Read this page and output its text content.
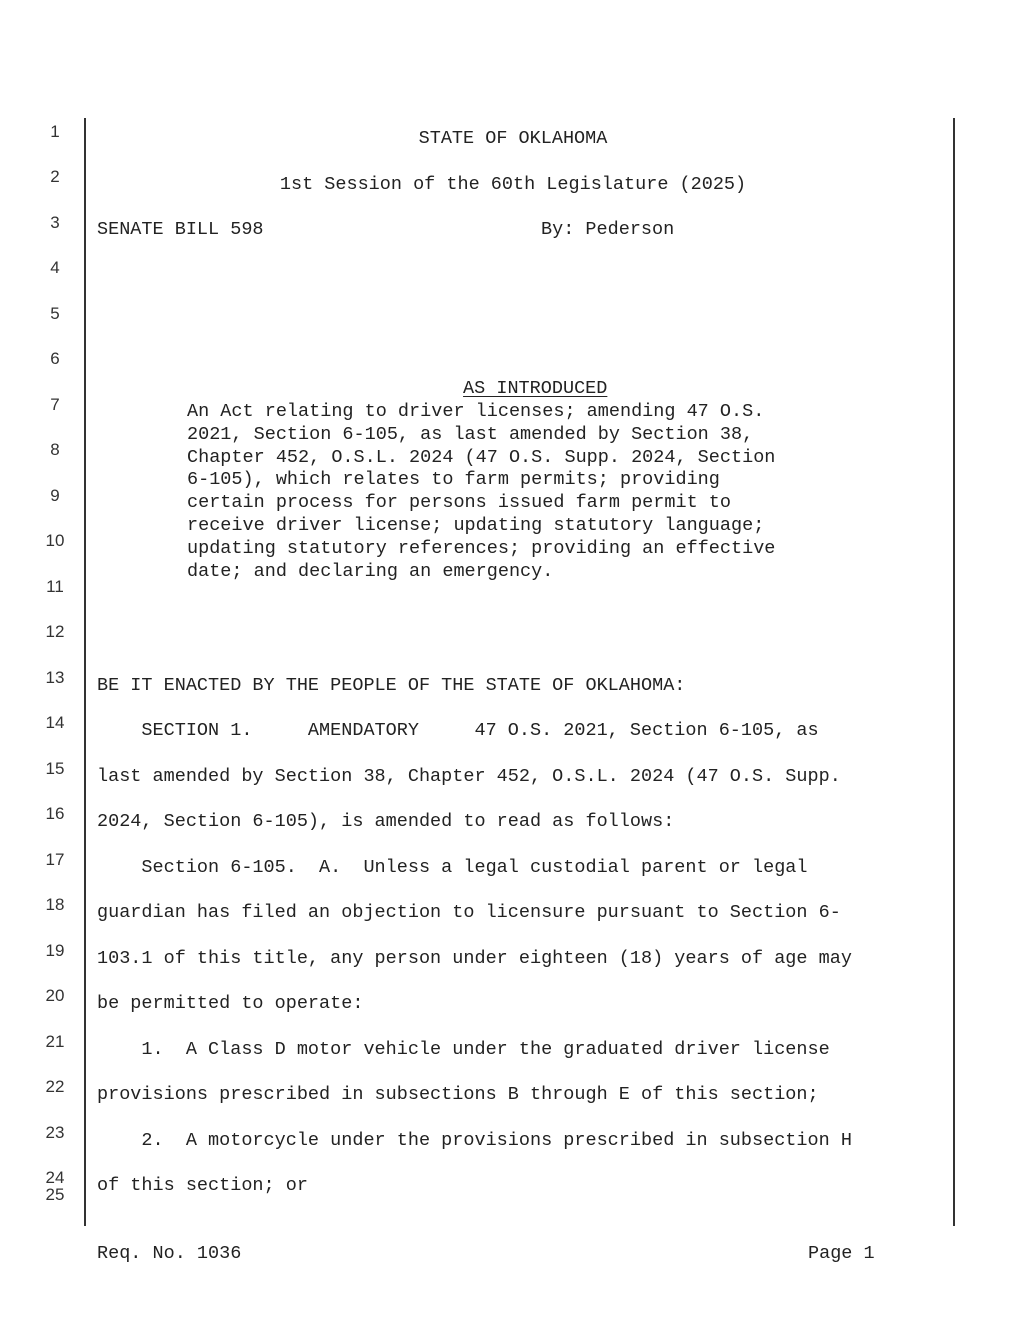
1
2
3
4
5
6
7
8
9
10
11
12
13
14
15
16
17
18
19
20
21
22
23
24
25
STATE OF OKLAHOMA
1st Session of the 60th Legislature (2025)
SENATE BILL 598	By: Pederson

AS INTRODUCED

An Act relating to driver licenses; amending 47 O.S.
2021, Section 6-105, as last amended by Section 38,
Chapter 452, O.S.L. 2024 (47 O.S. Supp. 2024, Section
6-105), which relates to farm permits; providing
certain process for persons issued farm permit to
receive driver license; updating statutory language;
updating statutory references; providing an effective
date; and declaring an emergency.
BE IT ENACTED BY THE PEOPLE OF THE STATE OF OKLAHOMA:
SECTION 1.     AMENDATORY     47 O.S. 2021, Section 6-105, as
last amended by Section 38, Chapter 452, O.S.L. 2024 (47 O.S. Supp.
2024, Section 6-105), is amended to read as follows:
Section 6-105.  A.  Unless a legal custodial parent or legal
guardian has filed an objection to licensure pursuant to Section 6-
103.1 of this title, any person under eighteen (18) years of age may
be permitted to operate:
1.  A Class D motor vehicle under the graduated driver license
provisions prescribed in subsections B through E of this section;
2.  A motorcycle under the provisions prescribed in subsection H
of this section; or
Req. No. 1036	Page 1
